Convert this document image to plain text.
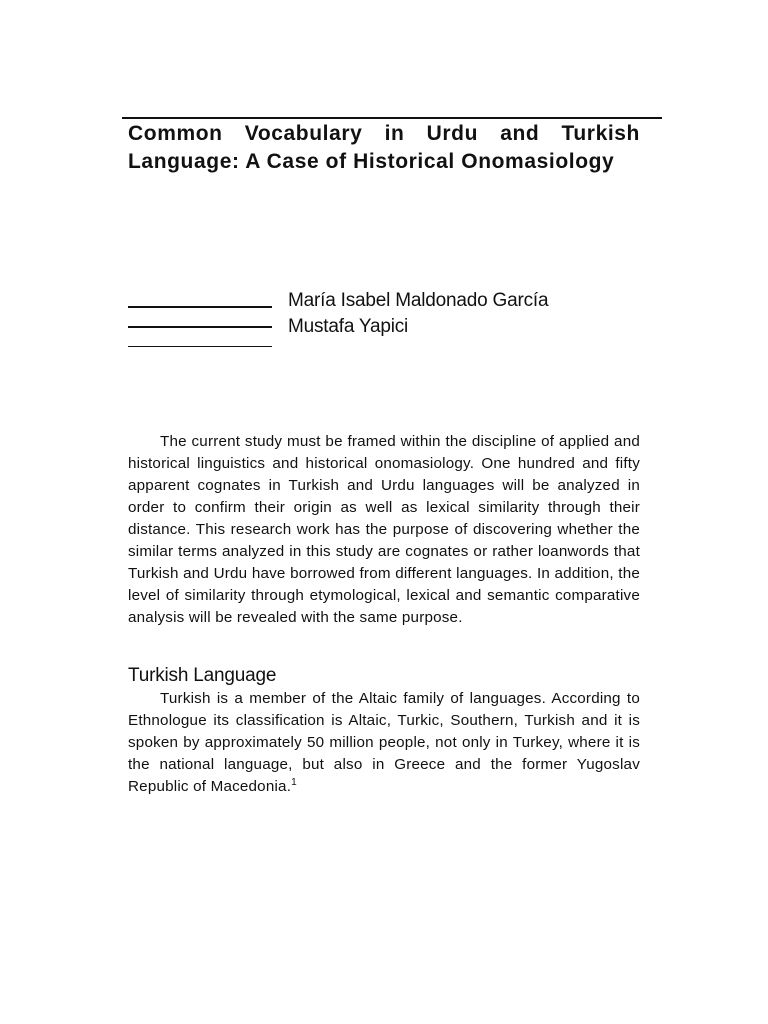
Common Vocabulary in Urdu and Turkish Language: A Case of Historical Onomasiology
María Isabel Maldonado García
Mustafa Yapici

The current study must be framed within the discipline of applied and historical linguistics and historical onomasiology. One hundred and fifty apparent cognates in Turkish and Urdu languages will be analyzed in order to confirm their origin as well as lexical similarity through their distance. This research work has the purpose of discovering whether the similar terms analyzed in this study are cognates or rather loanwords that Turkish and Urdu have borrowed from different languages. In addition, the level of similarity through etymological, lexical and semantic comparative analysis will be revealed with the same purpose.

Turkish Language

Turkish is a member of the Altaic family of languages. According to Ethnologue its classification is Altaic, Turkic, Southern, Turkish and it is spoken by approximately 50 million people, not only in Turkey, where it is the national language, but also in Greece and the former Yugoslav Republic of Macedonia.$^1$
